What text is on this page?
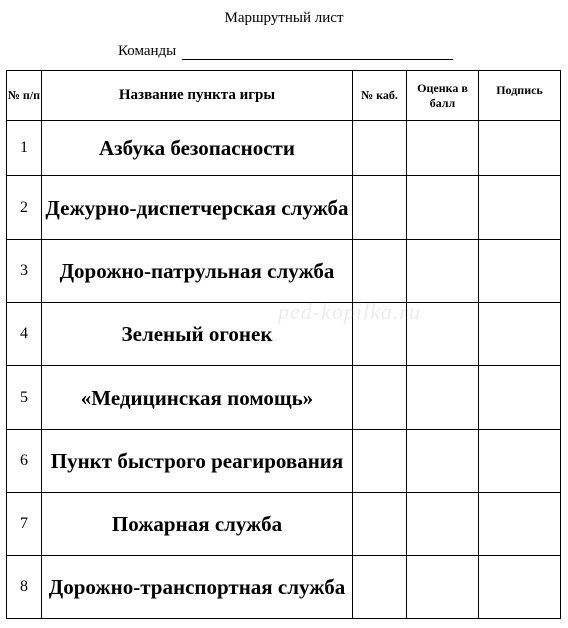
Маршрутный лист
Команды
№ п/п	Название пункта игры	№ каб.	Оценка в балл	Подпись
1	Азбука безопасности			
2	Дежурно-диспетчерская служба			
3	Дорожно-патрульная служба			
4	Зеленый огонек			
5	«Медицинская помощь»			
6	Пункт быстрого реагирования			
7	Пожарная служба			
8	Дорожно-транспортная служба			
ped-kopilka.ru
